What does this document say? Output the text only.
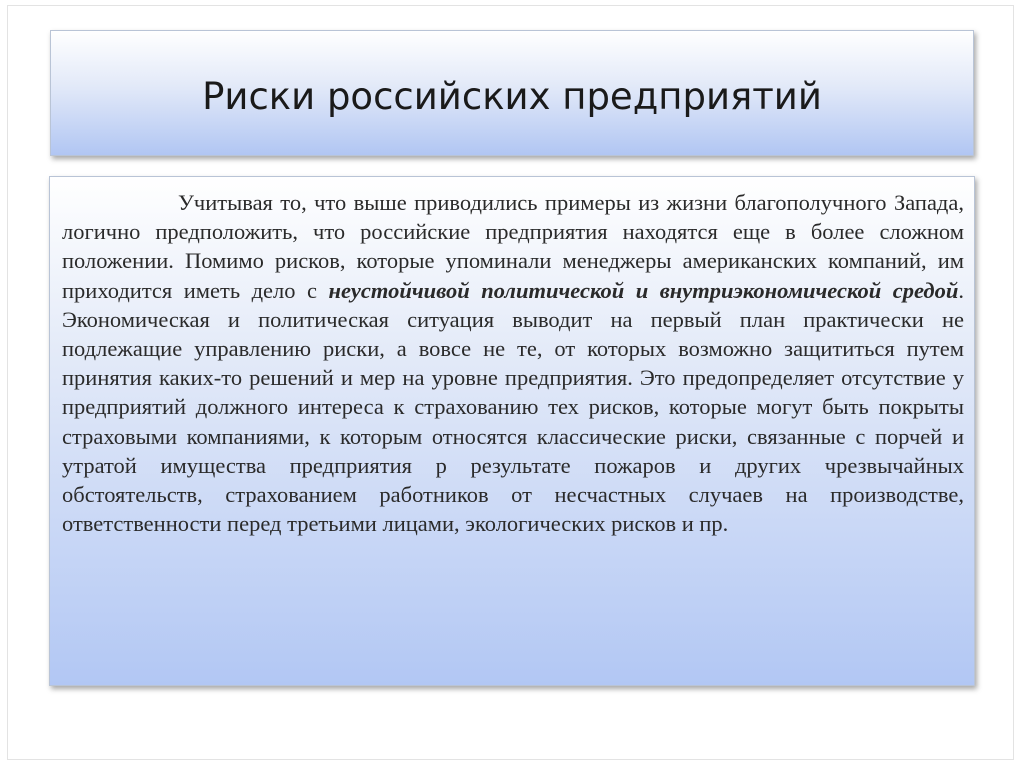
Риски российских предприятий

Учитывая то, что выше приводились примеры из жизни благополучного Запада, логично предположить, что российские предприятия находятся еще в более сложном положении. Помимо рисков, которые упоминали менеджеры американских компаний, им приходится иметь дело с неустойчивой политической и внутриэкономической средой. Экономическая и политическая ситуация выводит на первый план практически не подлежащие управлению риски, а вовсе не те, от которых возможно защититься путем принятия каких-то решений и мер на уровне предприятия. Это предопределяет отсутствие у предприятий должного интереса к страхованию тех рисков, которые могут быть покрыты страховыми компаниями, к которым относятся классические риски, связанные с порчей и утратой имущества предприятия р результате пожаров и других чрезвычайных обстоятельств, страхованием работников от несчастных случаев на производстве, ответственности перед третьими лицами, экологических рисков и пр.
